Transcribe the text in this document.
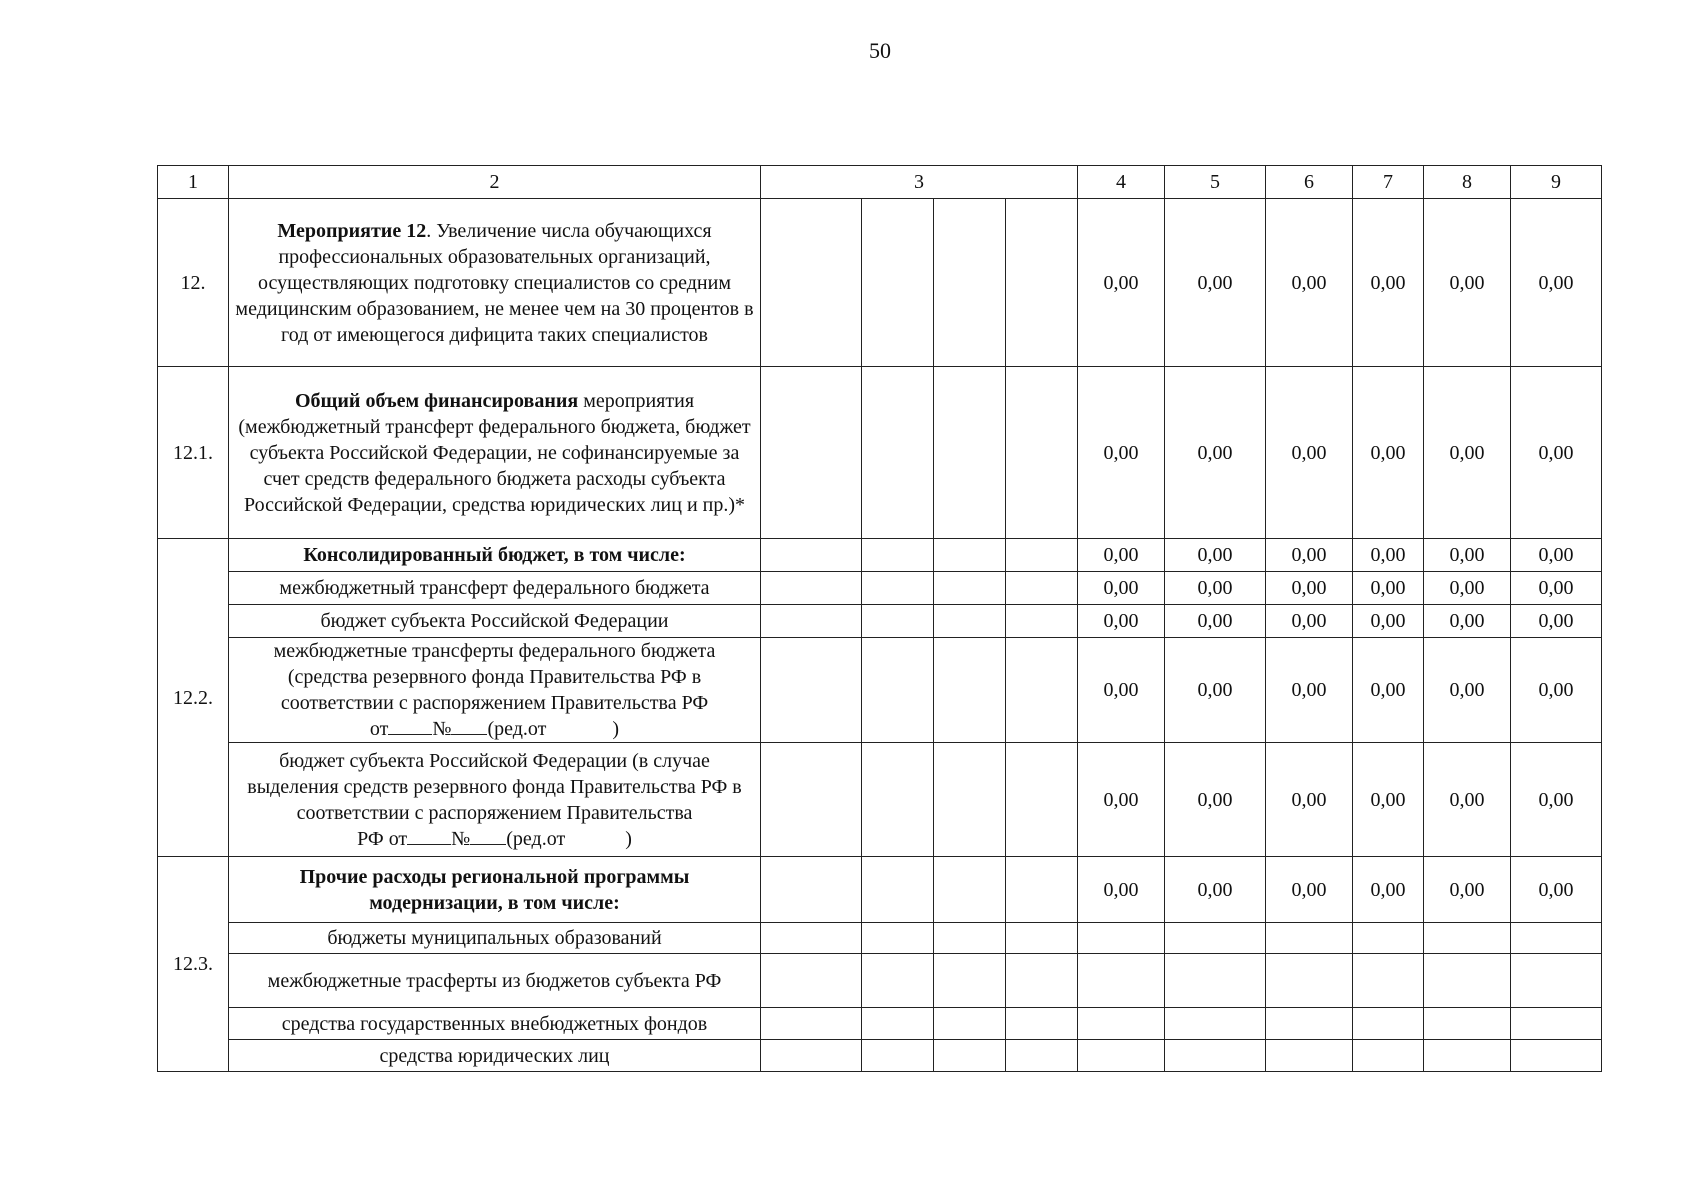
50
1	2	3				4	5	6	7	8	9
12.	Мероприятие 12. Увеличение числа обучающихся профессиональных образовательных организаций, осуществляющих подготовку специалистов со средним медицинским образованием, не менее чем на 30 процентов в год от имеющегося дифицита таких специалистов					0,00	0,00	0,00	0,00	0,00	0,00
12.1.	Общий объем финансирования мероприятия (межбюджетный трансферт федерального бюджета, бюджет субъекта Российской Федерации, не софинансируемые за счет средств федерального бюджета расходы субъекта Российской Федерации, средства юридических лиц и пр.)*					0,00	0,00	0,00	0,00	0,00	0,00
12.2.	Консолидированный бюджет, в том числе:					0,00	0,00	0,00	0,00	0,00	0,00
	межбюджетный трансферт федерального бюджета					0,00	0,00	0,00	0,00	0,00	0,00
	бюджет субъекта Российской Федерации					0,00	0,00	0,00	0,00	0,00	0,00
	межбюджетные трансферты федерального бюджета (средства резервного фонда Правительства РФ в соответствии с распоряжением Правительства РФ
от № (ред.от )					0,00	0,00	0,00	0,00	0,00	0,00
	бюджет субъекта Российской Федерации (в случае выделения средств резервного фонда Правительства РФ в соответствии с распоряжением Правительства
РФ от № (ред.от )					0,00	0,00	0,00	0,00	0,00	0,00
12.3.	Прочие расходы региональной программы модернизации, в том числе:					0,00	0,00	0,00	0,00	0,00	0,00
	бюджеты муниципальных образований										
	межбюджетные трасферты из бюджетов субъекта РФ										
	средства государственных внебюджетных фондов										
	средства юридических лиц										
